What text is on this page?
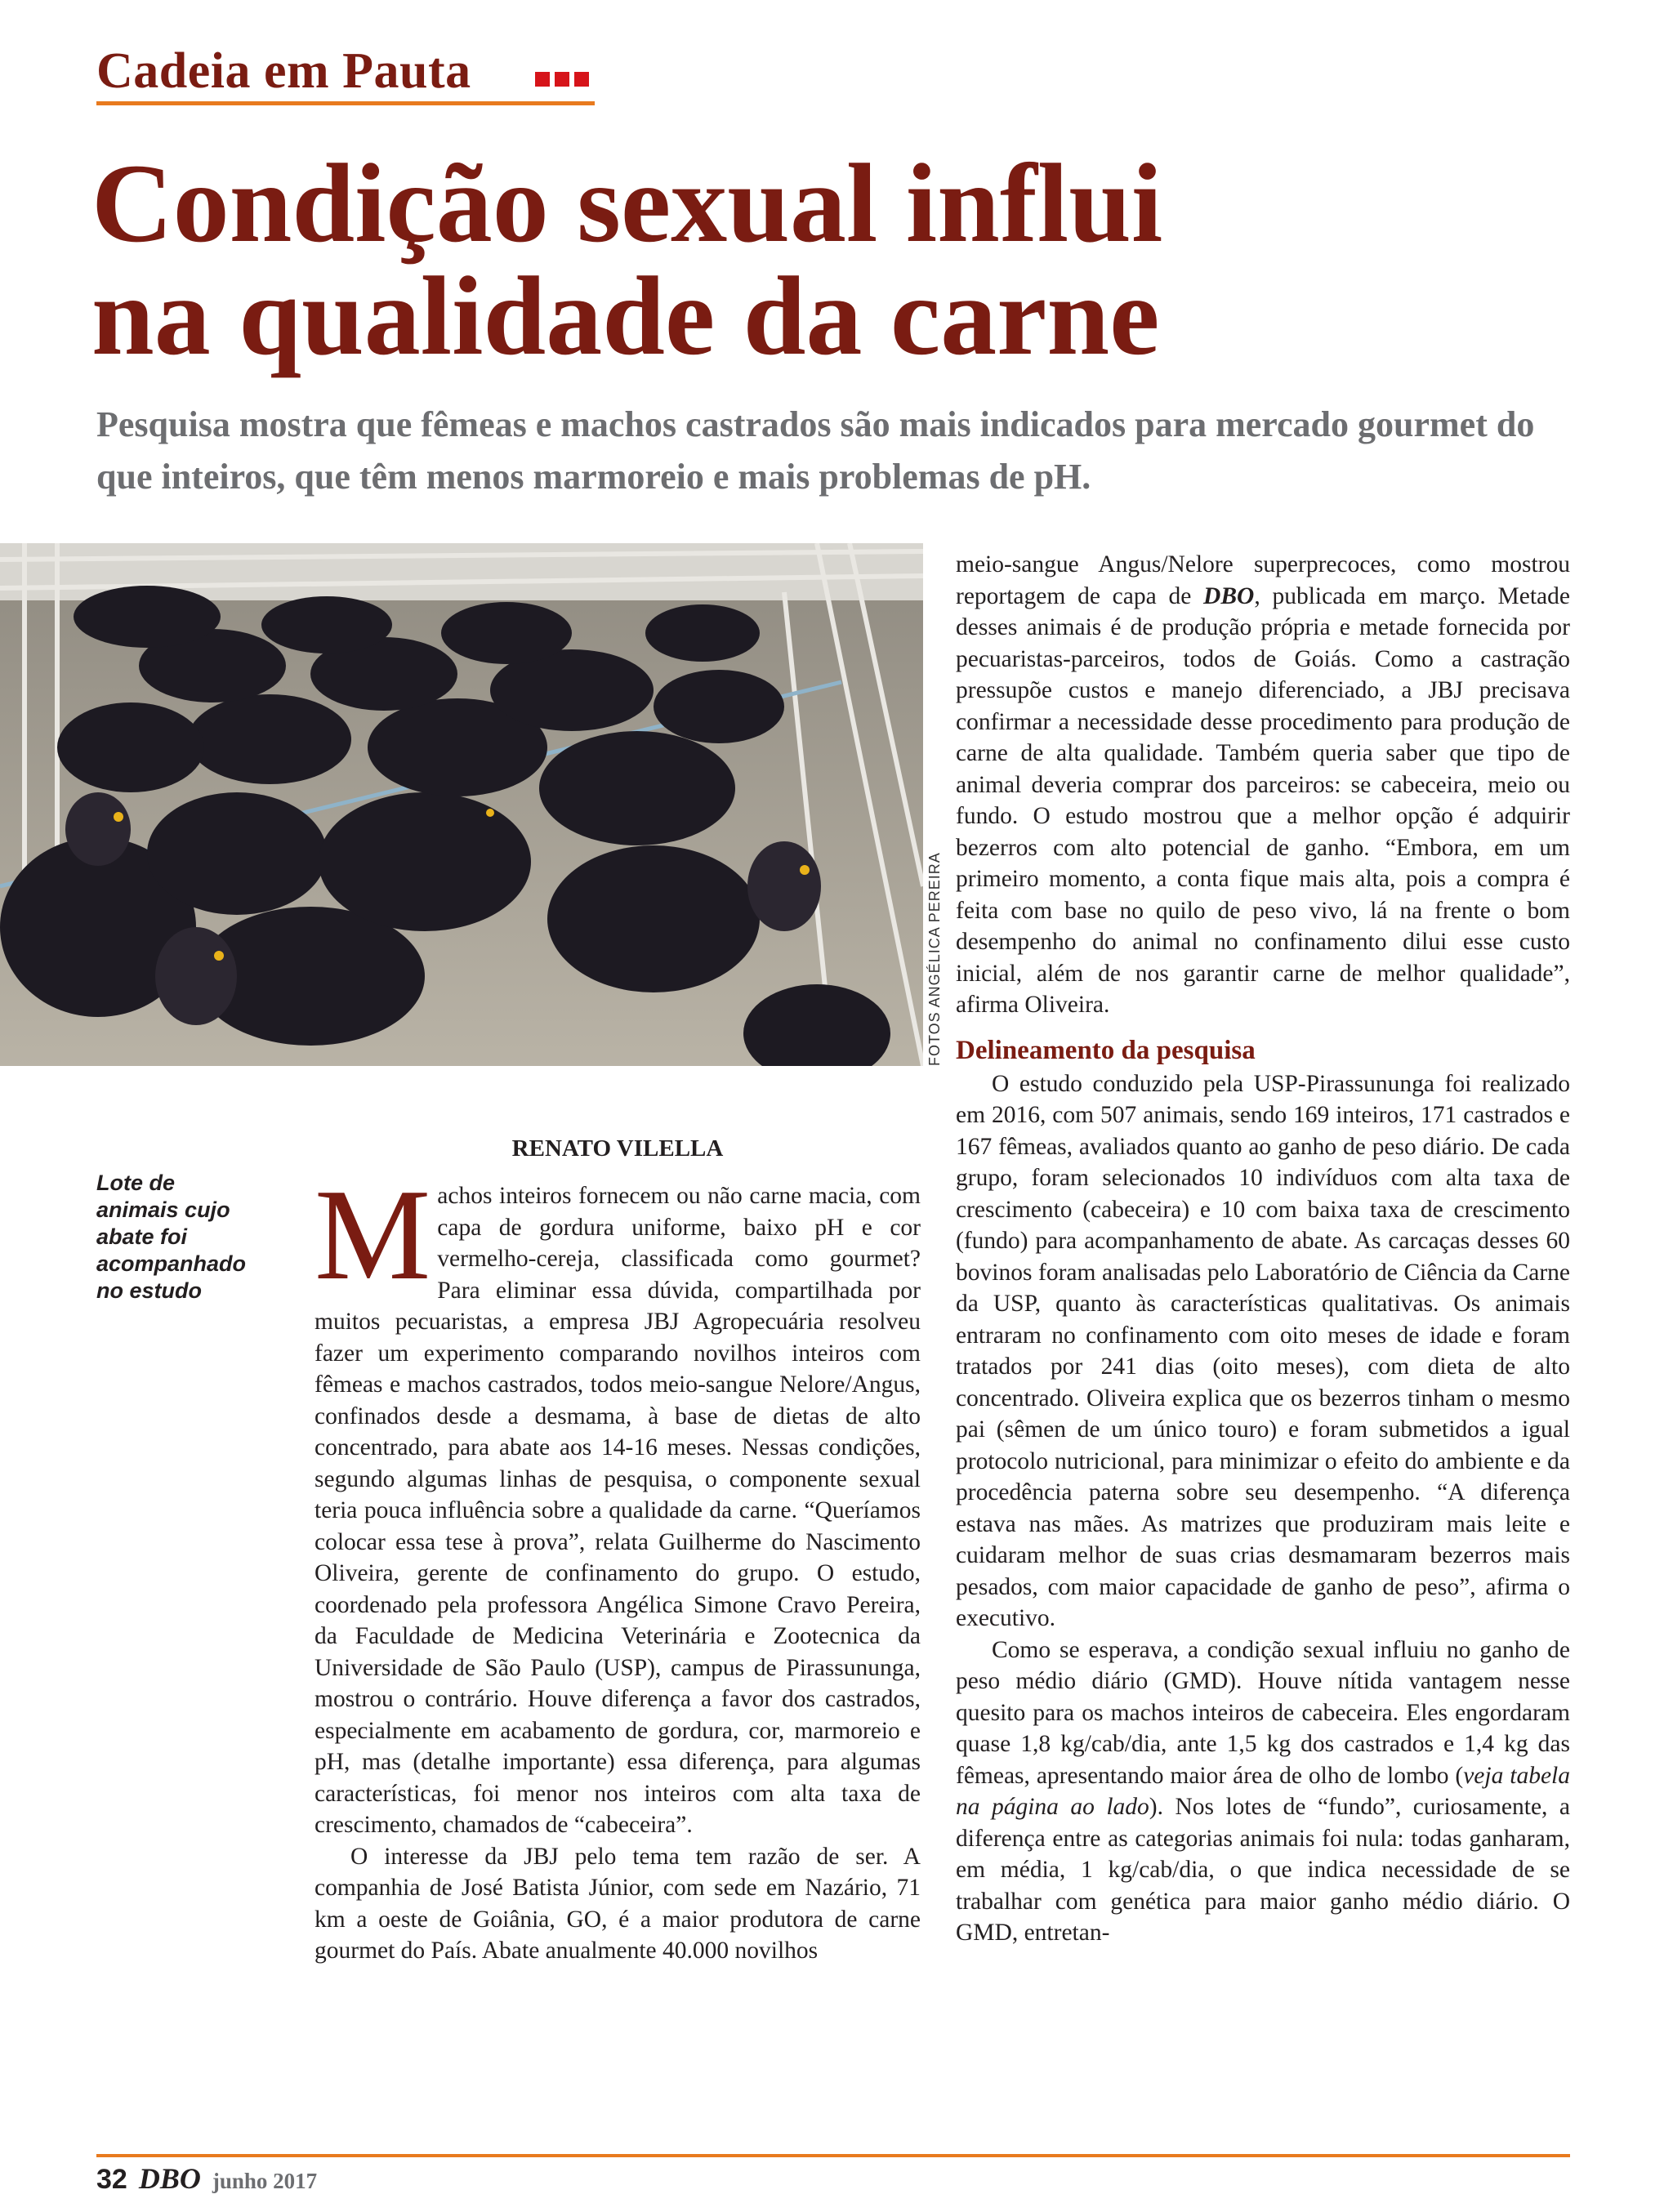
Cadeia em Pauta
Condição sexual influi
na qualidade da carne

Pesquisa mostra que fêmeas e machos castrados são mais indicados para mercado gourmet do que inteiros, que têm menos marmoreio e mais problemas de pH.

FOTOS ANGÉLICA PEREIRA
Lote de animais cujo abate foi acompanhado no estudo
RENATO VILELLA

Machos inteiros fornecem ou não carne macia, com capa de gordura uniforme, baixo pH e cor vermelho-cereja, classificada como gourmet? Para eliminar essa dúvida, compartilhada por muitos pecuaristas, a empresa JBJ Agropecuária resolveu fazer um experimento comparando novilhos inteiros com fêmeas e machos castrados, todos meio-sangue Nelore/Angus, confinados desde a desmama, à base de dietas de alto concentrado, para abate aos 14-16 meses. Nessas condições, segundo algumas linhas de pesquisa, o componente sexual teria pouca influência sobre a qualidade da carne. “Queríamos colocar essa tese à prova”, relata Guilherme do Nascimento Oliveira, gerente de confinamento do grupo. O estudo, coordenado pela professora Angélica Simone Cravo Pereira, da Faculdade de Medicina Veterinária e Zootecnica da Universidade de São Paulo (USP), campus de Pirassununga, mostrou o contrário. Houve diferença a favor dos castrados, especialmente em acabamento de gordura, cor, marmoreio e pH, mas (detalhe importante) essa diferença, para algumas características, foi menor nos inteiros com alta taxa de crescimento, chamados de “cabeceira”.

O interesse da JBJ pelo tema tem razão de ser. A companhia de José Batista Júnior, com sede em Nazário, 71 km a oeste de Goiânia, GO, é a maior produtora de carne gourmet do País. Abate anualmente 40.000 novilhos

meio-sangue Angus/Nelore superprecoces, como mostrou reportagem de capa de DBO, publicada em março. Metade desses animais é de produção própria e metade fornecida por pecuaristas-parceiros, todos de Goiás. Como a castração pressupõe custos e manejo diferenciado, a JBJ precisava confirmar a necessidade desse procedimento para produção de carne de alta qualidade. Também queria saber que tipo de animal deveria comprar dos parceiros: se cabeceira, meio ou fundo. O estudo mostrou que a melhor opção é adquirir bezerros com alto potencial de ganho. “Embora, em um primeiro momento, a conta fique mais alta, pois a compra é feita com base no quilo de peso vivo, lá na frente o bom desempenho do animal no confinamento dilui esse custo inicial, além de nos garantir carne de melhor qualidade”, afirma Oliveira.

Delineamento da pesquisa

O estudo conduzido pela USP-Pirassununga foi realizado em 2016, com 507 animais, sendo 169 inteiros, 171 castrados e 167 fêmeas, avaliados quanto ao ganho de peso diário. De cada grupo, foram selecionados 10 indivíduos com alta taxa de crescimento (cabeceira) e 10 com baixa taxa de crescimento (fundo) para acompanhamento de abate. As carcaças desses 60 bovinos foram analisadas pelo Laboratório de Ciência da Carne da USP, quanto às características qualitativas. Os animais entraram no confinamento com oito meses de idade e foram tratados por 241 dias (oito meses), com dieta de alto concentrado. Oliveira explica que os bezerros tinham o mesmo pai (sêmen de um único touro) e foram submetidos a igual protocolo nutricional, para minimizar o efeito do ambiente e da procedência paterna sobre seu desempenho. “A diferença estava nas mães. As matrizes que produziram mais leite e cuidaram melhor de suas crias desmamaram bezerros mais pesados, com maior capacidade de ganho de peso”, afirma o executivo.

Como se esperava, a condição sexual influiu no ganho de peso médio diário (GMD). Houve nítida vantagem nesse quesito para os machos inteiros de cabeceira. Eles engordaram quase 1,8 kg/cab/dia, ante 1,5 kg dos castrados e 1,4 kg das fêmeas, apresentando maior área de olho de lombo (veja tabela na página ao lado). Nos lotes de “fundo”, curiosamente, a diferença entre as categorias animais foi nula: todas ganharam, em média, 1 kg/cab/dia, o que indica necessidade de se trabalhar com genética para maior ganho médio diário. O GMD, entretan-

32 DBO junho 2017
